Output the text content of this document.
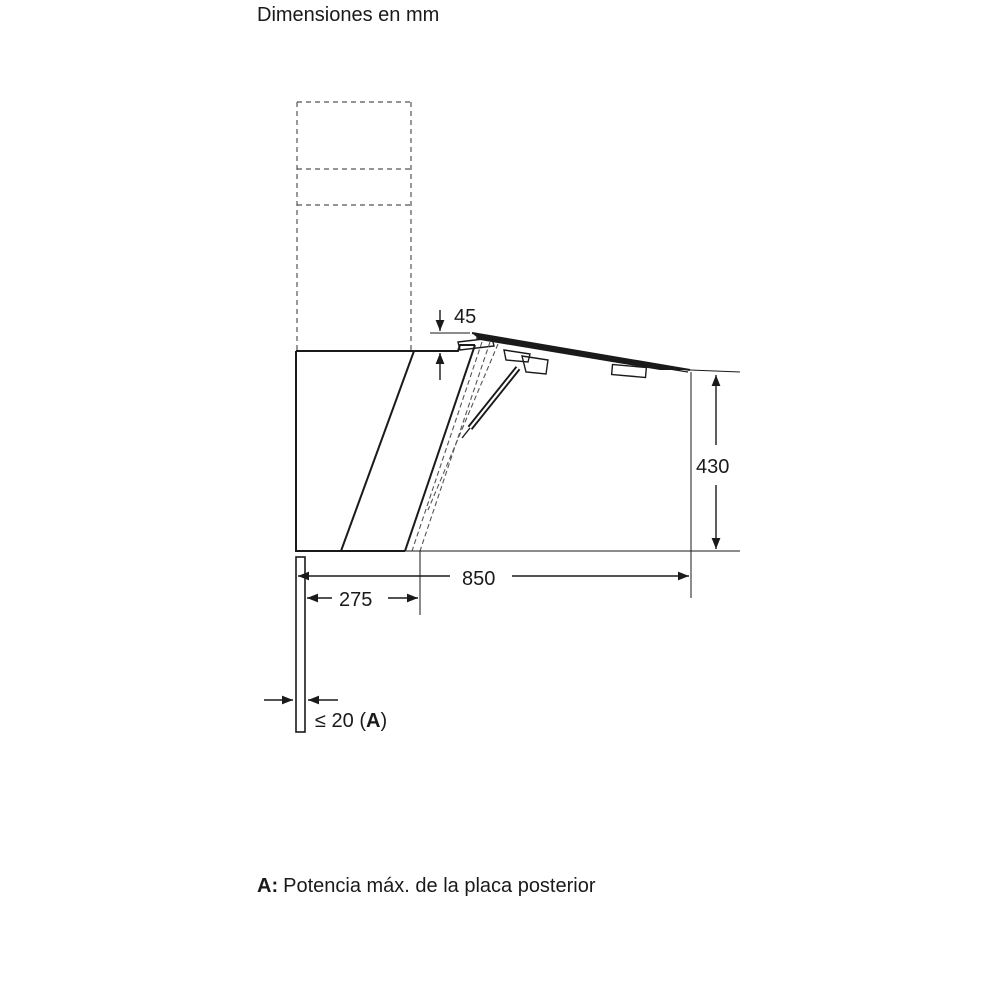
Dimensiones en mm
45
430
850
275
≤ 20 (A)
A: Potencia máx. de la placa posterior
